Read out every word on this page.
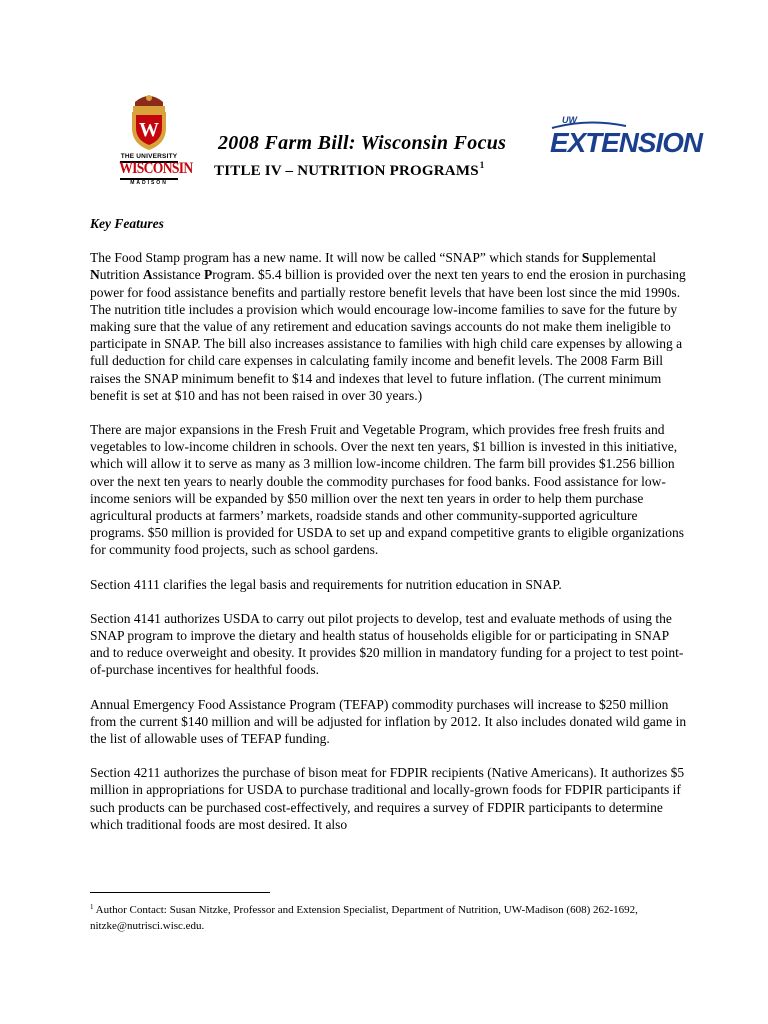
W
THE UNIVERSITY
WISCONSIN
MADISON
2008 Farm Bill: Wisconsin Focus
TITLE IV – NUTRITION PROGRAMS$^1$
UW
EXTENSION

Key Features

The Food Stamp program has a new name. It will now be called “SNAP” which stands for Supplemental Nutrition Assistance Program. $5.4 billion is provided over the next ten years to end the erosion in purchasing power for food assistance benefits and partially restore benefit levels that have been lost since the mid 1990s. The nutrition title includes a provision which would encourage low-income families to save for the future by making sure that the value of any retirement and education savings accounts do not make them ineligible to participate in SNAP. The bill also increases assistance to families with high child care expenses by allowing a full deduction for child care expenses in calculating family income and benefit levels. The 2008 Farm Bill raises the SNAP minimum benefit to $14 and indexes that level to future inflation. (The current minimum benefit is set at $10 and has not been raised in over 30 years.)

There are major expansions in the Fresh Fruit and Vegetable Program, which provides free fresh fruits and vegetables to low-income children in schools. Over the next ten years, $1 billion is invested in this initiative, which will allow it to serve as many as 3 million low-income children. The farm bill provides $1.256 billion over the next ten years to nearly double the commodity purchases for food banks. Food assistance for low-income seniors will be expanded by $50 million over the next ten years in order to help them purchase agricultural products at farmers’ markets, roadside stands and other community-supported agriculture programs. $50 million is provided for USDA to set up and expand competitive grants to eligible organizations for community food projects, such as school gardens.

Section 4111 clarifies the legal basis and requirements for nutrition education in SNAP.

Section 4141 authorizes USDA to carry out pilot projects to develop, test and evaluate methods of using the SNAP program to improve the dietary and health status of households eligible for or participating in SNAP and to reduce overweight and obesity. It provides $20 million in mandatory funding for a project to test point-of-purchase incentives for healthful foods.

Annual Emergency Food Assistance Program (TEFAP) commodity purchases will increase to $250 million from the current $140 million and will be adjusted for inflation by 2012. It also includes donated wild game in the list of allowable uses of TEFAP funding.

Section 4211 authorizes the purchase of bison meat for FDPIR recipients (Native Americans). It authorizes $5 million in appropriations for USDA to purchase traditional and locally-grown foods for FDPIR participants if such products can be purchased cost-effectively, and requires a survey of FDPIR participants to determine which traditional foods are most desired. It also

$^1$ Author Contact: Susan Nitzke, Professor and Extension Specialist, Department of Nutrition, UW-Madison (608) 262-1692, nitzke@nutrisci.wisc.edu.
